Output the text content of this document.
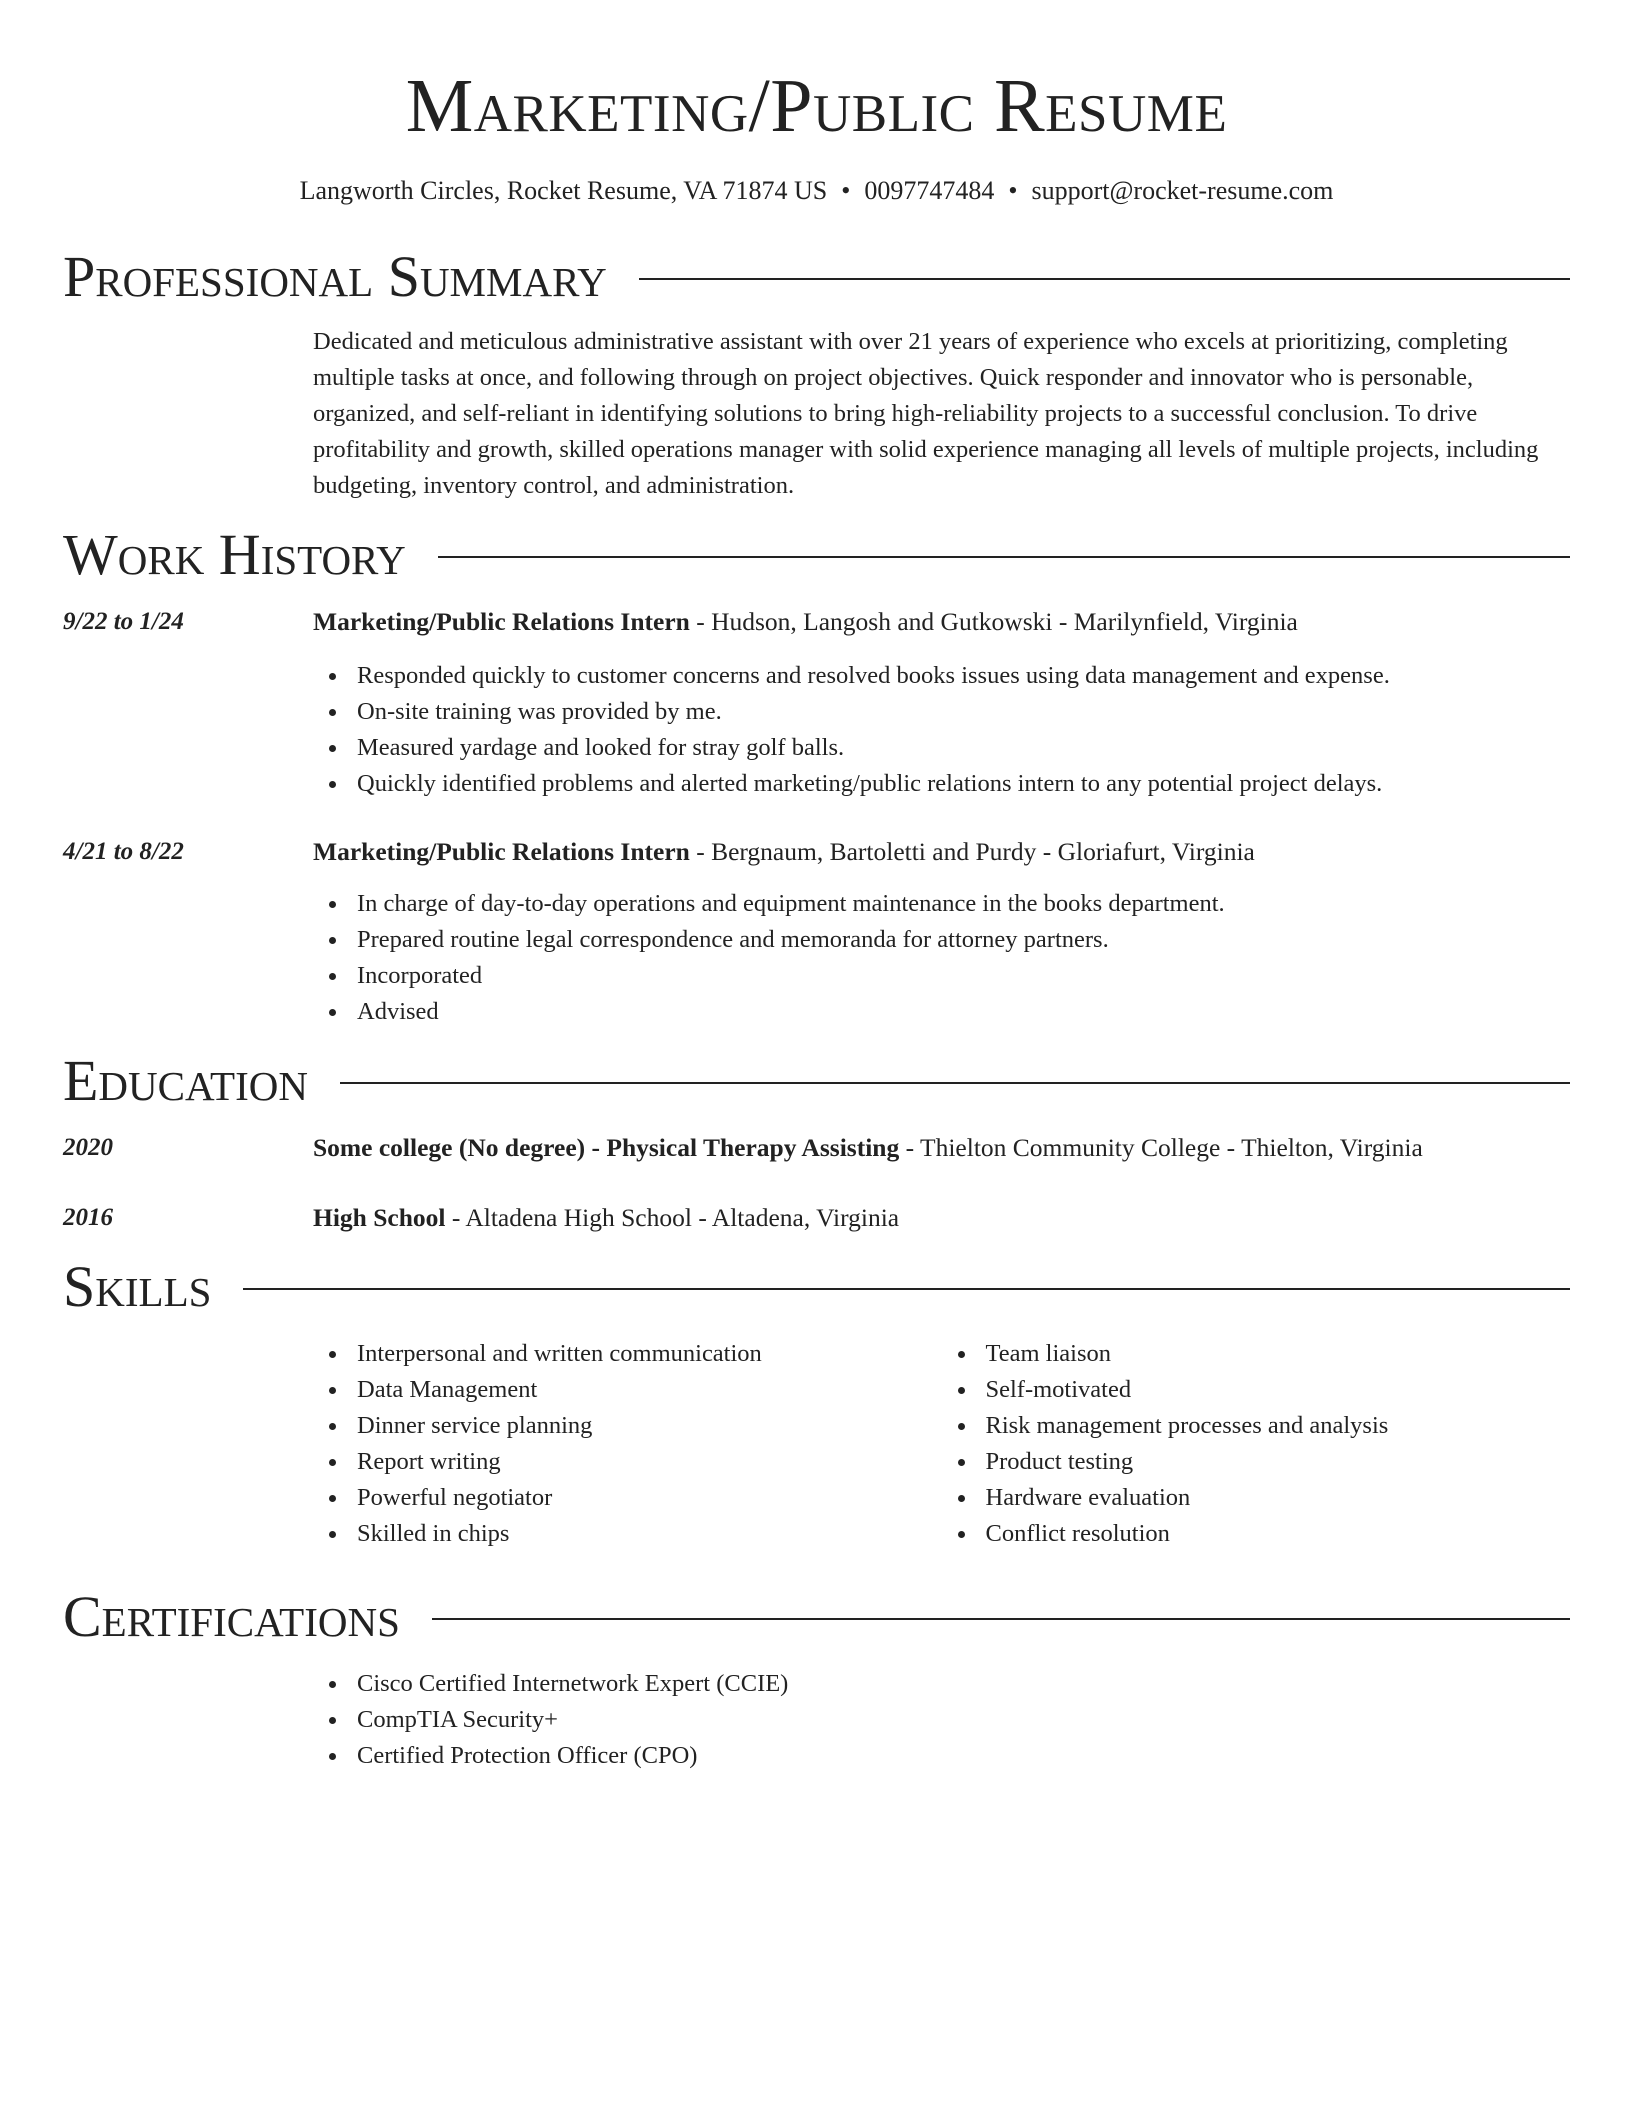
Marketing/Public Resume
Langworth Circles, Rocket Resume, VA 71874 US • 0097747484 • support@rocket-resume.com
Professional Summary
Dedicated and meticulous administrative assistant with over 21 years of experience who excels at prioritizing, completing multiple tasks at once, and following through on project objectives. Quick responder and innovator who is personable, organized, and self-reliant in identifying solutions to bring high-reliability projects to a successful conclusion. To drive profitability and growth, skilled operations manager with solid experience managing all levels of multiple projects, including budgeting, inventory control, and administration.
Work History
9/22 to 1/24	Marketing/Public Relations Intern - Hudson, Langosh and Gutkowski - Marilynfield, Virginia
Responded quickly to customer concerns and resolved books issues using data management and expense.
On-site training was provided by me.
Measured yardage and looked for stray golf balls.
Quickly identified problems and alerted marketing/public relations intern to any potential project delays.
4/21 to 8/22	Marketing/Public Relations Intern - Bergnaum, Bartoletti and Purdy - Gloriafurt, Virginia
In charge of day-to-day operations and equipment maintenance in the books department.
Prepared routine legal correspondence and memoranda for attorney partners.
Incorporated
Advised
Education
2020	Some college (No degree) - Physical Therapy Assisting - Thielton Community College - Thielton, Virginia
2016	High School - Altadena High School - Altadena, Virginia
Skills
Interpersonal and written communication
Data Management
Dinner service planning
Report writing
Powerful negotiator
Skilled in chips
Team liaison
Self-motivated
Risk management processes and analysis
Product testing
Hardware evaluation
Conflict resolution
Certifications
Cisco Certified Internetwork Expert (CCIE)
CompTIA Security+
Certified Protection Officer (CPO)
